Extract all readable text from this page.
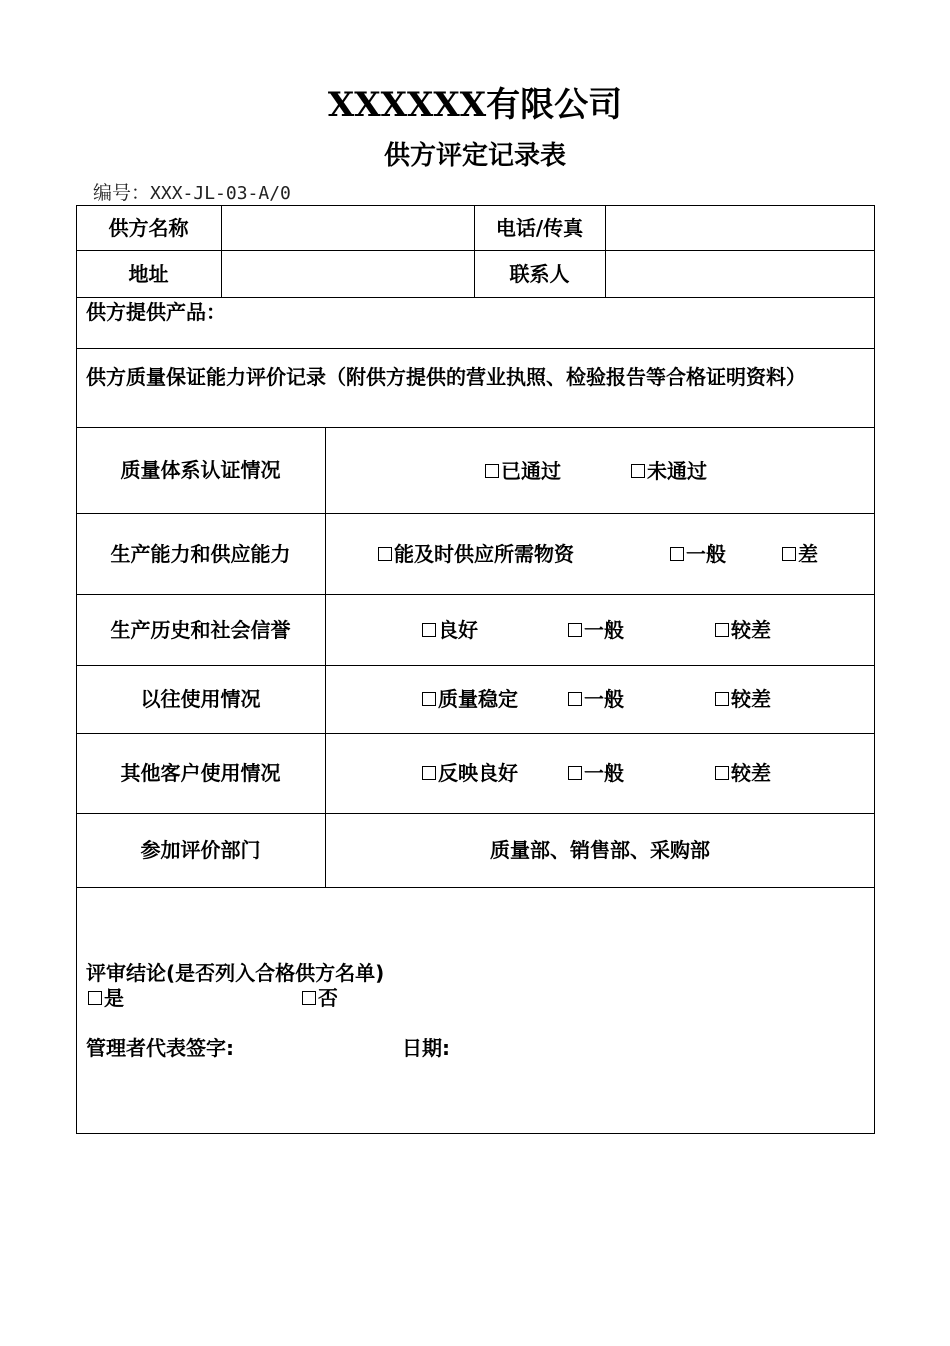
XXXXXX有限公司
供方评定记录表
编号：XXX-JL-03-A/0
供方名称	电话/传真
地址	联系人
供方提供产品：
供方质量保证能力评价记录（附供方提供的营业执照、检验报告等合格证明资料）
质量体系认证情况	已通过	未通过
生产能力和供应能力	能及时供应所需物资	一般	差
生产历史和社会信誉	良好	一般	较差
以往使用情况	质量稳定	一般	较差
其他客户使用情况	反映良好	一般	较差
参加评价部门	质量部、销售部、采购部
评审结论(是否列入合格供方名单)
是	否
管理者代表签字:	日期:
